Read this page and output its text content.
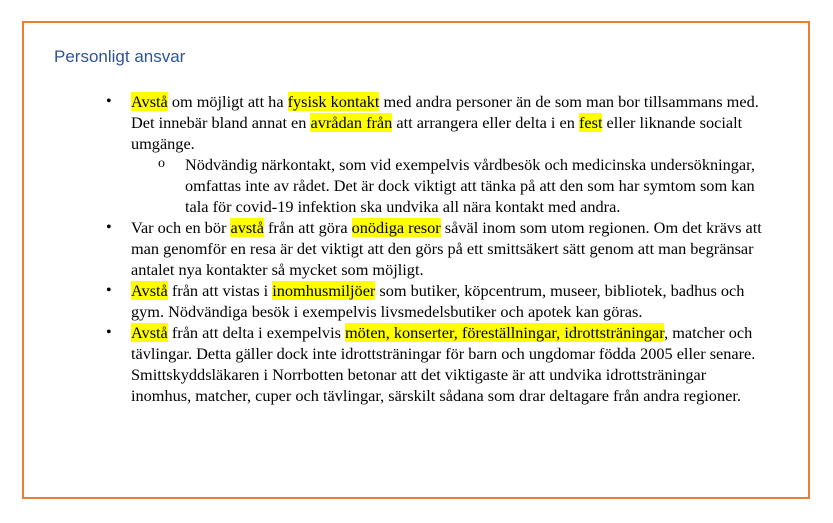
Personligt ansvar
• Avstå om möjligt att ha fysisk kontakt med andra personer än de som man bor tillsammans med. Det innebär bland annat en avrådan från att arrangera eller delta i en fest eller liknande socialt umgänge.
o Nödvändig närkontakt, som vid exempelvis vårdbesök och medicinska undersökningar, omfattas inte av rådet. Det är dock viktigt att tänka på att den som har symtom som kan tala för covid-19 infektion ska undvika all nära kontakt med andra.
• Var och en bör avstå från att göra onödiga resor såväl inom som utom regionen. Om det krävs att man genomför en resa är det viktigt att den görs på ett smittsäkert sätt genom att man begränsar antalet nya kontakter så mycket som möjligt.
• Avstå från att vistas i inomhusmiljöer som butiker, köpcentrum, museer, bibliotek, badhus och gym. Nödvändiga besök i exempelvis livsmedelsbutiker och apotek kan göras.
• Avstå från att delta i exempelvis möten, konserter, föreställningar, idrottsträningar, matcher och tävlingar. Detta gäller dock inte idrottsträningar för barn och ungdomar födda 2005 eller senare. Smittskyddsläkaren i Norrbotten betonar att det viktigaste är att undvika idrottsträningar inomhus, matcher, cuper och tävlingar, särskilt sådana som drar deltagare från andra regioner.
